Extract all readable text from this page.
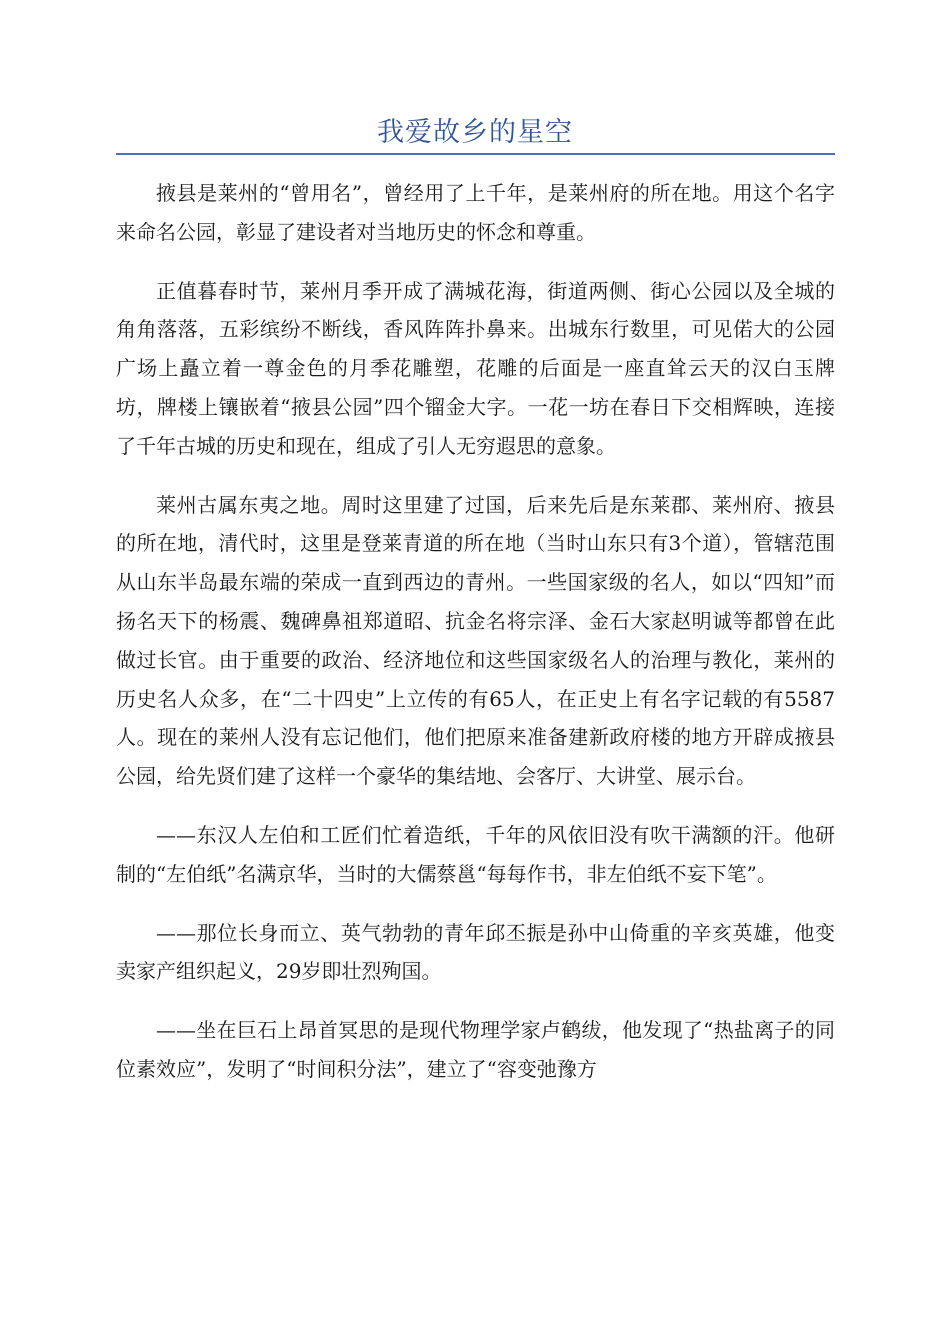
我爱故乡的星空

掖县是莱州的“曾用名”，曾经用了上千年，是莱州府的所在地。用这个名字来命名公园，彰显了建设者对当地历史的怀念和尊重。

正值暮春时节，莱州月季开成了满城花海，街道两侧、街心公园以及全城的角角落落，五彩缤纷不断线，香风阵阵扑鼻来。出城东行数里，可见偌大的公园广场上矗立着一尊金色的月季花雕塑，花雕的后面是一座直耸云天的汉白玉牌坊，牌楼上镶嵌着“掖县公园”四个镏金大字。一花一坊在春日下交相辉映，连接了千年古城的历史和现在，组成了引人无穷遐思的意象。

莱州古属东夷之地。周时这里建了过国，后来先后是东莱郡、莱州府、掖县的所在地，清代时，这里是登莱青道的所在地（当时山东只有3个道），管辖范围从山东半岛最东端的荣成一直到西边的青州。一些国家级的名人，如以“四知”而扬名天下的杨震、魏碑鼻祖郑道昭、抗金名将宗泽、金石大家赵明诚等都曾在此做过长官。由于重要的政治、经济地位和这些国家级名人的治理与教化，莱州的历史名人众多，在“二十四史”上立传的有65人，在正史上有名字记载的有5587人。现在的莱州人没有忘记他们，他们把原来准备建新政府楼的地方开辟成掖县公园，给先贤们建了这样一个豪华的集结地、会客厅、大讲堂、展示台。

——东汉人左伯和工匠们忙着造纸，千年的风依旧没有吹干满额的汗。他研制的“左伯纸”名满京华，当时的大儒蔡邕“每每作书，非左伯纸不妄下笔”。

——那位长身而立、英气勃勃的青年邱丕振是孙中山倚重的辛亥英雄，他变卖家产组织起义，29岁即壮烈殉国。

——坐在巨石上昂首冥思的是现代物理学家卢鹤绂，他发现了“热盐离子的同位素效应”，发明了“时间积分法”，建立了“容变弛豫方
